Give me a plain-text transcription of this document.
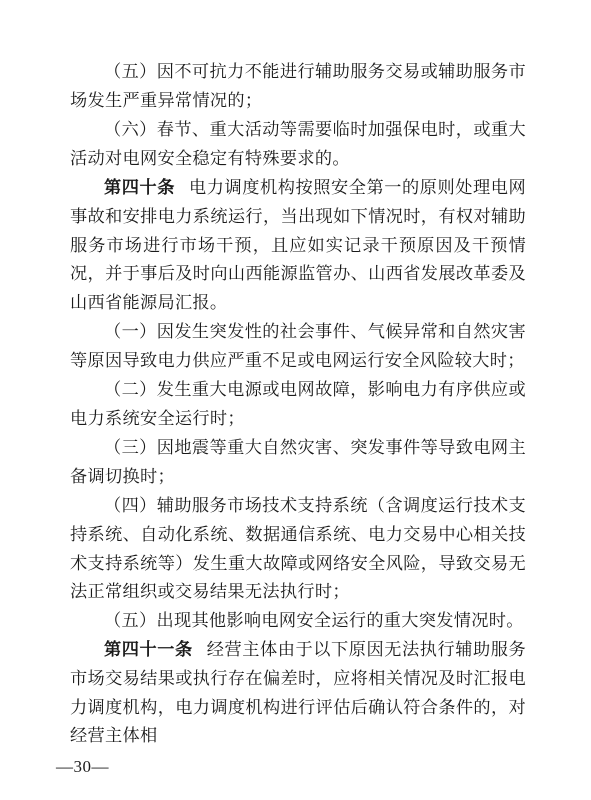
（五）因不可抗力不能进行辅助服务交易或辅助服务市场发生严重异常情况的；

（六）春节、重大活动等需要临时加强保电时，或重大活动对电网安全稳定有特殊要求的。

第四十条 电力调度机构按照安全第一的原则处理电网事故和安排电力系统运行，当出现如下情况时，有权对辅助服务市场进行市场干预，且应如实记录干预原因及干预情况，并于事后及时向山西能源监管办、山西省发展改革委及山西省能源局汇报。

（一）因发生突发性的社会事件、气候异常和自然灾害等原因导致电力供应严重不足或电网运行安全风险较大时；

（二）发生重大电源或电网故障，影响电力有序供应或电力系统安全运行时；

（三）因地震等重大自然灾害、突发事件等导致电网主备调切换时；

（四）辅助服务市场技术支持系统（含调度运行技术支持系统、自动化系统、数据通信系统、电力交易中心相关技术支持系统等）发生重大故障或网络安全风险，导致交易无法正常组织或交易结果无法执行时；

（五）出现其他影响电网安全运行的重大突发情况时。

第四十一条 经营主体由于以下原因无法执行辅助服务市场交易结果或执行存在偏差时，应将相关情况及时汇报电力调度机构，电力调度机构进行评估后确认符合条件的，对经营主体相

—30—
